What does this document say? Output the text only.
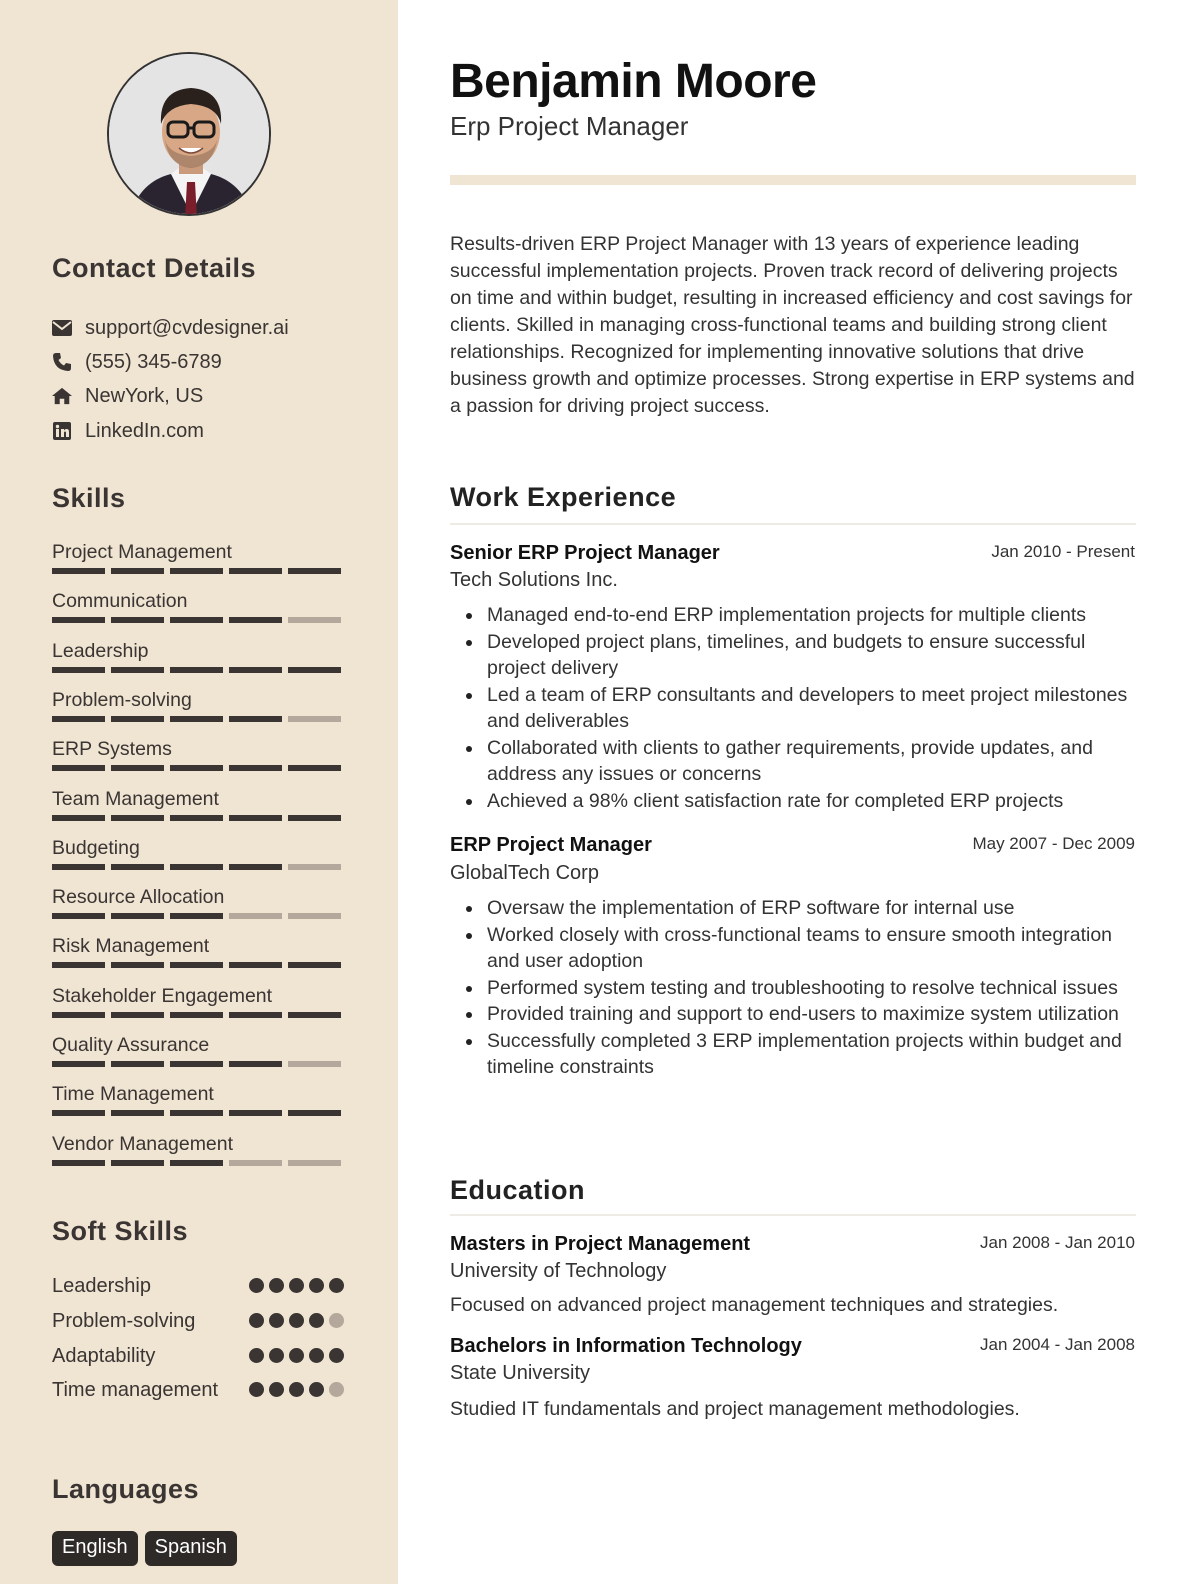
Contact Details
support@cvdesigner.ai
(555) 345-6789
NewYork, US
LinkedIn.com
Skills
Project Management
Communication
Leadership
Problem-solving
ERP Systems
Team Management
Budgeting
Resource Allocation
Risk Management
Stakeholder Engagement
Quality Assurance
Time Management
Vendor Management
Soft Skills
Leadership
Problem-solving
Adaptability
Time management
Languages
English	Spanish
Benjamin Moore
Erp Project Manager

Results-driven ERP Project Manager with 13 years of experience leading successful implementation projects. Proven track record of delivering projects on time and within budget, resulting in increased efficiency and cost savings for clients. Skilled in managing cross-functional teams and building strong client relationships. Recognized for implementing innovative solutions that drive business growth and optimize processes. Strong expertise in ERP systems and a passion for driving project success.

Work Experience
Senior ERP Project Manager	Jan 2010 - Present
Tech Solutions Inc.
Managed end-to-end ERP implementation projects for multiple clients
Developed project plans, timelines, and budgets to ensure successful project delivery
Led a team of ERP consultants and developers to meet project milestones and deliverables
Collaborated with clients to gather requirements, provide updates, and address any issues or concerns
Achieved a 98% client satisfaction rate for completed ERP projects
ERP Project Manager	May 2007 - Dec 2009
GlobalTech Corp
Oversaw the implementation of ERP software for internal use
Worked closely with cross-functional teams to ensure smooth integration and user adoption
Performed system testing and troubleshooting to resolve technical issues
Provided training and support to end-users to maximize system utilization
Successfully completed 3 ERP implementation projects within budget and timeline constraints
Education
Masters in Project Management	Jan 2008 - Jan 2010
University of Technology
Focused on advanced project management techniques and strategies.
Bachelors in Information Technology	Jan 2004 - Jan 2008
State University
Studied IT fundamentals and project management methodologies.
